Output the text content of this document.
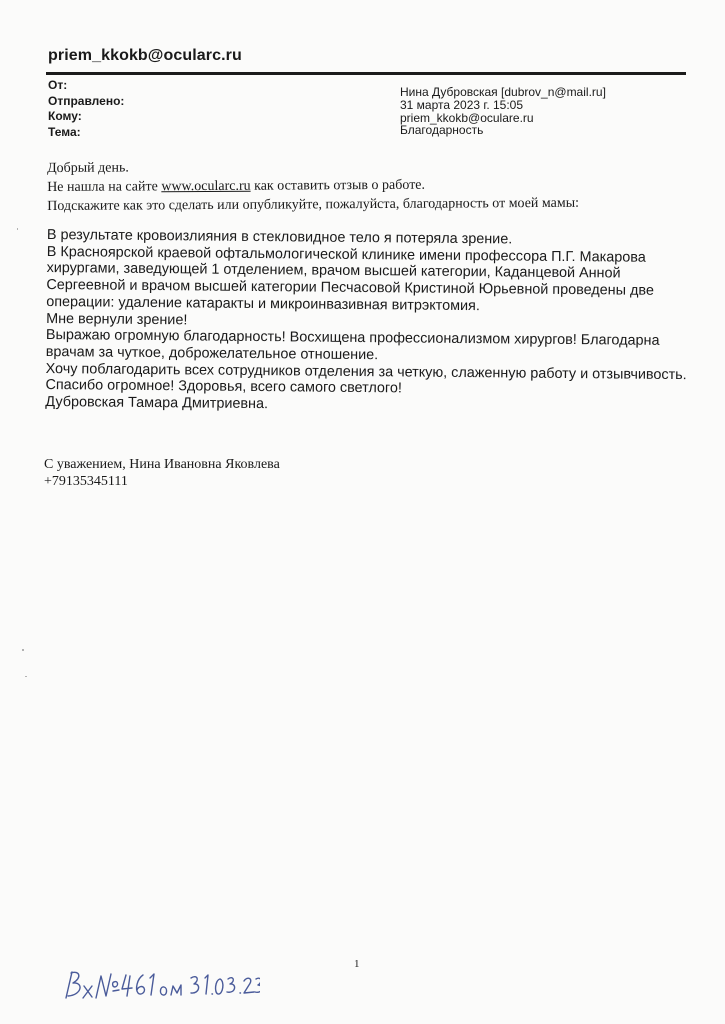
priem_kkokb@ocularc.ru
От:
Отправлено:
Кому:
Тема:
Нина Дубровская [dubrov_n@mail.ru]
31 марта 2023 г. 15:05
priem_kkokb@oculare.ru
Благодарность
Добрый день.
Не нашла на сайте www.ocularc.ru как оставить отзыв о работе.
Подскажите как это сделать или опубликуйте, пожалуйста, благодарность от моей мамы:
В результате кровоизлияния в стекловидное тело я потеряла зрение.
В Красноярской краевой офтальмологической клинике имени профессора П.Г. Макарова
хирургами, заведующей 1 отделением, врачом высшей категории, Каданцевой Анной
Сергеевной и врачом высшей категории Песчасовой Кристиной Юрьевной проведены две
операции: удаление катаракты и микроинвазивная витрэктомия.
Мне вернули зрение!
Выражаю огромную благодарность! Восхищена профессионализмом хирургов! Благодарна
врачам за чуткое, доброжелательное отношение.
Хочу поблагодарить всех сотрудников отделения за четкую, слаженную работу и отзывчивость.
Спасибо огромное! Здоровья, всего самого светлого!
Дубровская Тамара Дмитриевна.
С уважением, Нина Ивановна Яковлева
+79135345111
1
